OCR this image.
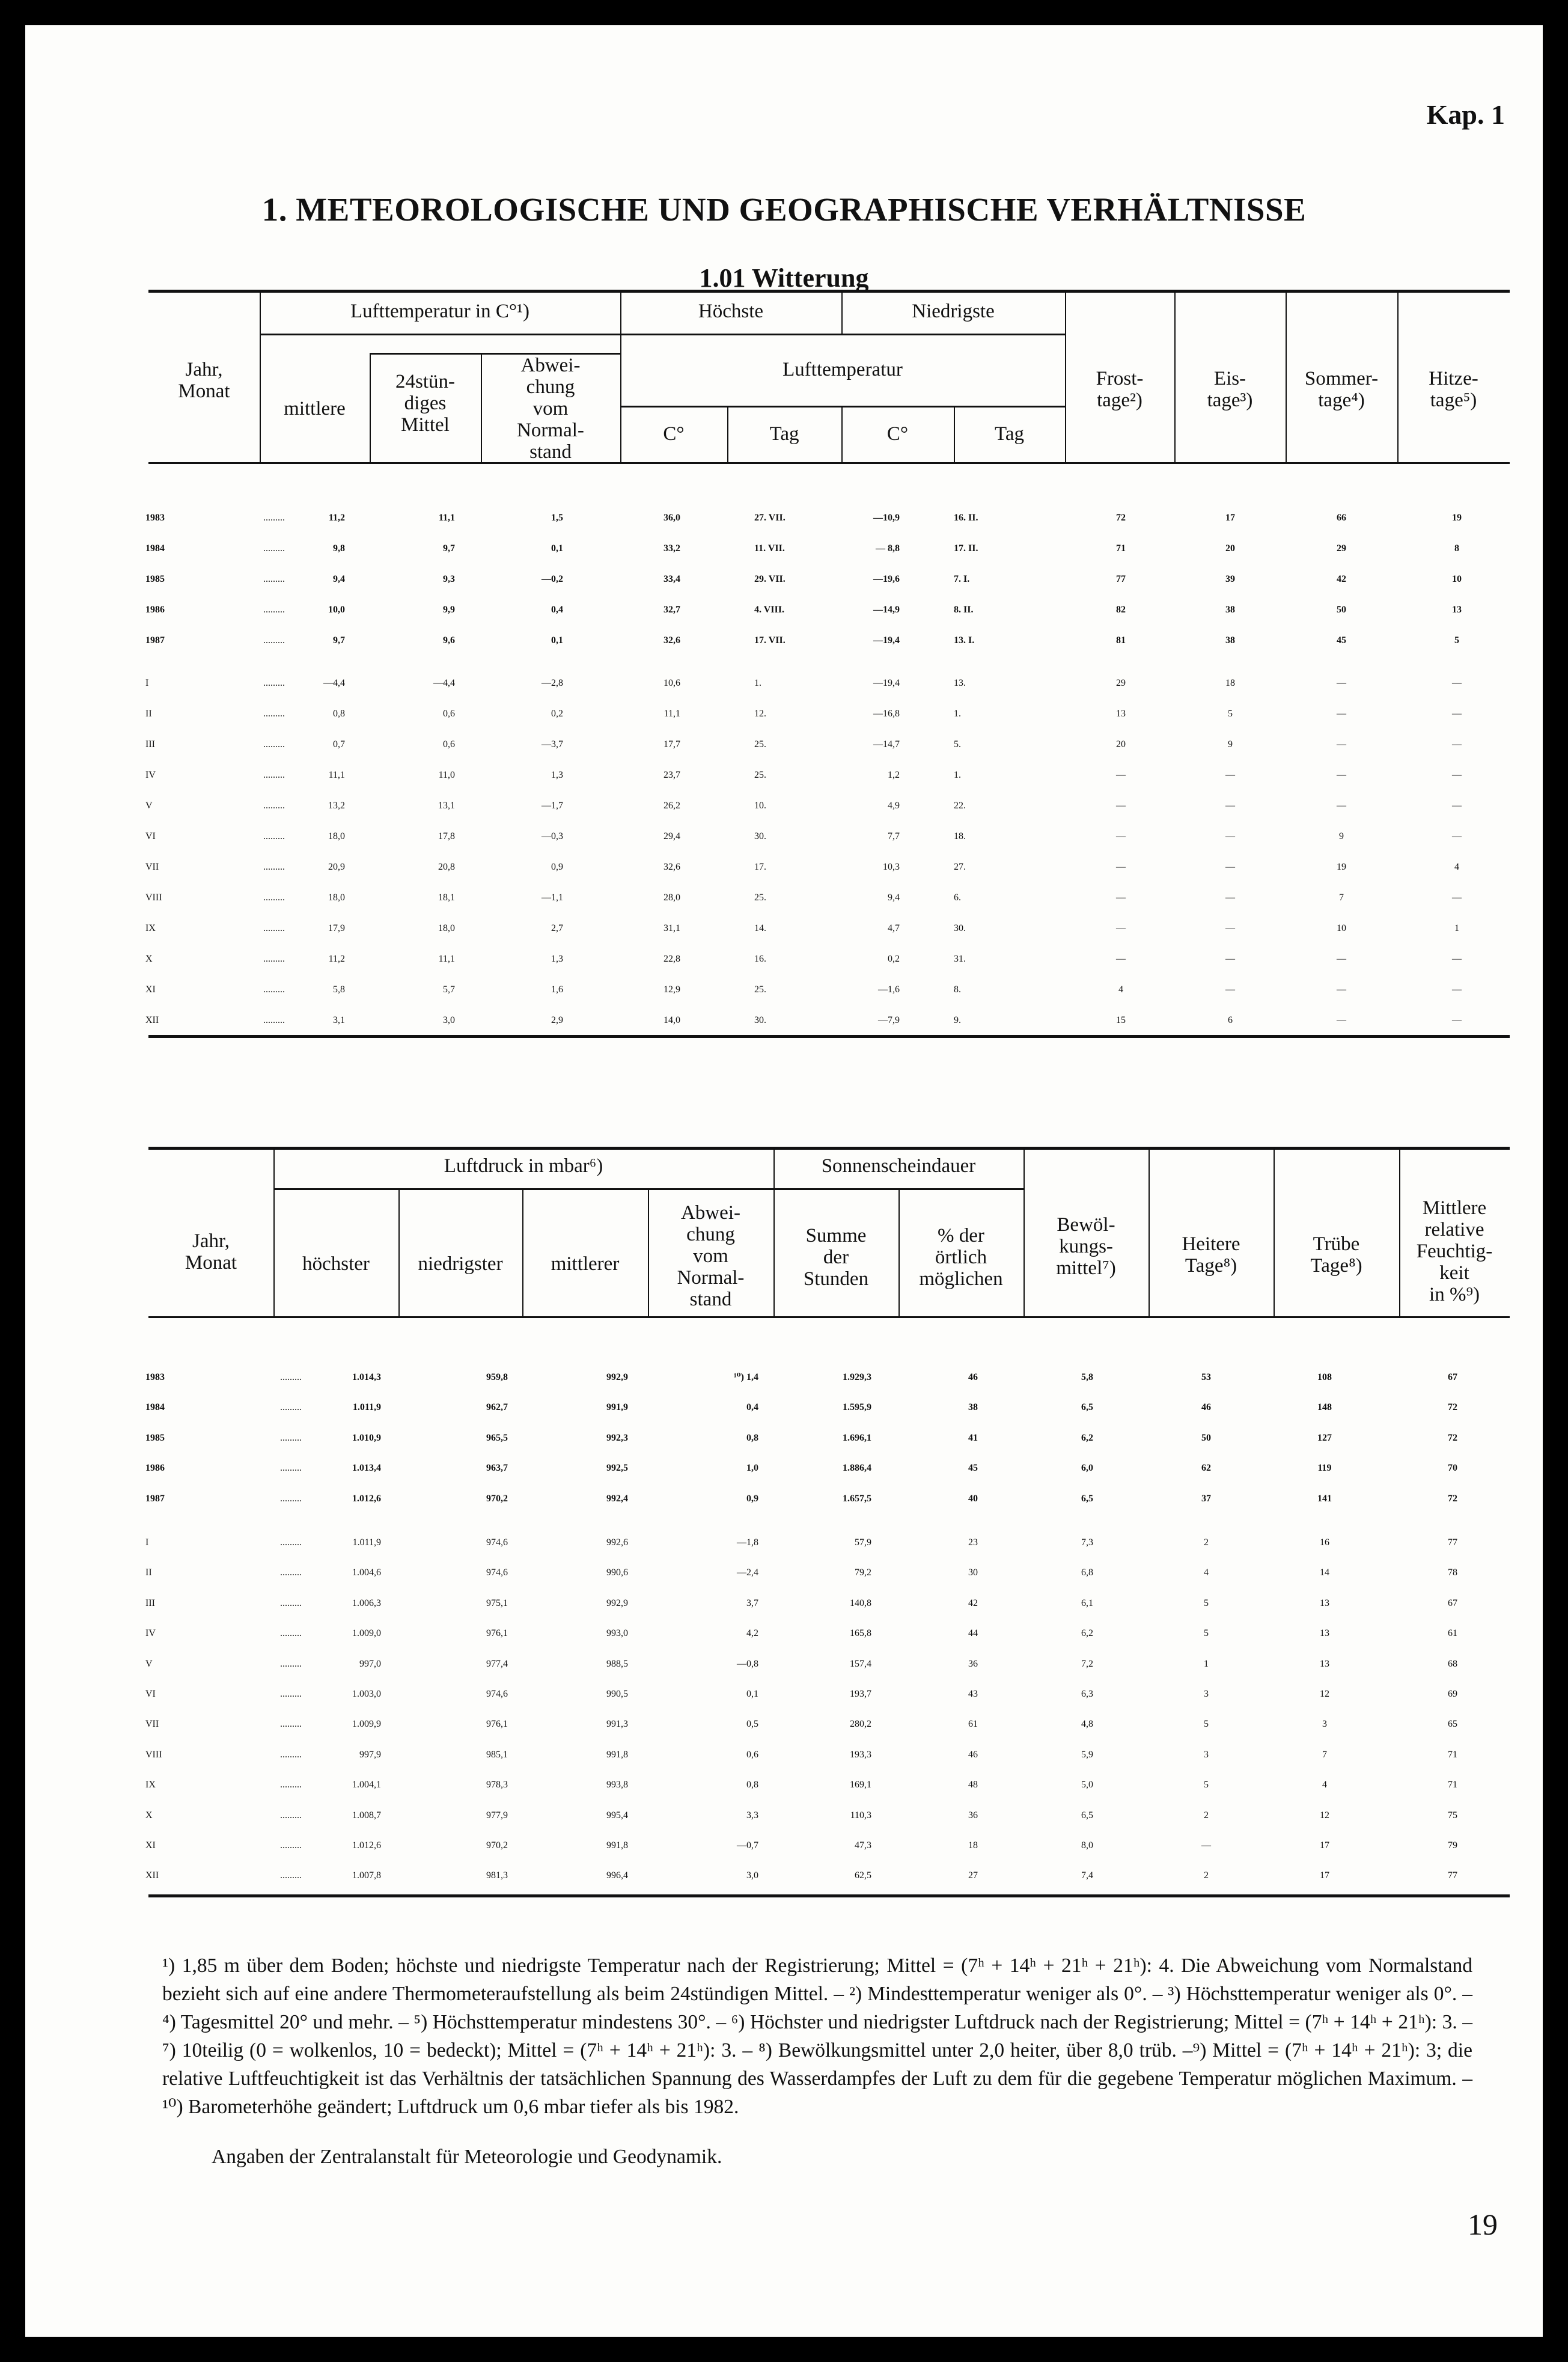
Kap. 1
1. METEOROLOGISCHE UND GEOGRAPHISCHE VERHÄLTNISSE
1.01 Witterung
Jahr,
Monat
Lufttemperatur in C°¹)	Höchste	Niedrigste
Lufttemperatur
mittlere
24stün-
diges
Mittel
Abwei-
chung
vom
Normal-
stand
C°	Tag	C°	Tag
Frost-
tage²)
Eis-
tage³)
Sommer-
tage⁴)
Hitze-
tage⁵)
1983	.........	11,2	11,1	1,5	36,0	27. VII.	—10,9	16. II.	72	17	66	19
1984	.........	9,8	9,7	0,1	33,2	11. VII.	— 8,8	17. II.	71	20	29	8
1985	.........	9,4	9,3	—0,2	33,4	29. VII.	—19,6	7. I.	77	39	42	10
1986	.........	10,0	9,9	0,4	32,7	4. VIII.	—14,9	8. II.	82	38	50	13
1987	.........	9,7	9,6	0,1	32,6	17. VII.	—19,4	13. I.	81	38	45	5
I	.........	—4,4	—4,4	—2,8	10,6	1.	—19,4	13.	29	18	—	—
II	.........	0,8	0,6	0,2	11,1	12.	—16,8	1.	13	5	—	—
III	.........	0,7	0,6	—3,7	17,7	25.	—14,7	5.	20	9	—	—
IV	.........	11,1	11,0	1,3	23,7	25.	1,2	1.	—	—	—	—
V	.........	13,2	13,1	—1,7	26,2	10.	4,9	22.	—	—	—	—
VI	.........	18,0	17,8	—0,3	29,4	30.	7,7	18.	—	—	9	—
VII	.........	20,9	20,8	0,9	32,6	17.	10,3	27.	—	—	19	4
VIII	.........	18,0	18,1	—1,1	28,0	25.	9,4	6.	—	—	7	—
IX	.........	17,9	18,0	2,7	31,1	14.	4,7	30.	—	—	10	1
X	.........	11,2	11,1	1,3	22,8	16.	0,2	31.	—	—	—	—
XI	.........	5,8	5,7	1,6	12,9	25.	—1,6	8.	4	—	—	—
XII	.........	3,1	3,0	2,9	14,0	30.	—7,9	9.	15	6	—	—
Jahr,
Monat
Luftdruck in mbar⁶)	Sonnenscheindauer
höchster	niedrigster	mittlerer
Abwei-
chung
vom
Normal-
stand
Summe
der
Stunden
% der
örtlich
möglichen
Bewöl-
kungs-
mittel⁷)
Heitere
Tage⁸)
Trübe
Tage⁸)
Mittlere
relative
Feuchtig-
keit
in %⁹)
1983	.........	1.014,3	959,8	992,9	¹⁰) 1,4	1.929,3	46	5,8	53	108	67
1984	.........	1.011,9	962,7	991,9	0,4	1.595,9	38	6,5	46	148	72
1985	.........	1.010,9	965,5	992,3	0,8	1.696,1	41	6,2	50	127	72
1986	.........	1.013,4	963,7	992,5	1,0	1.886,4	45	6,0	62	119	70
1987	.........	1.012,6	970,2	992,4	0,9	1.657,5	40	6,5	37	141	72
I	.........	1.011,9	974,6	992,6	—1,8	57,9	23	7,3	2	16	77
II	.........	1.004,6	974,6	990,6	—2,4	79,2	30	6,8	4	14	78
III	.........	1.006,3	975,1	992,9	3,7	140,8	42	6,1	5	13	67
IV	.........	1.009,0	976,1	993,0	4,2	165,8	44	6,2	5	13	61
V	.........	997,0	977,4	988,5	—0,8	157,4	36	7,2	1	13	68
VI	.........	1.003,0	974,6	990,5	0,1	193,7	43	6,3	3	12	69
VII	.........	1.009,9	976,1	991,3	0,5	280,2	61	4,8	5	3	65
VIII	.........	997,9	985,1	991,8	0,6	193,3	46	5,9	3	7	71
IX	.........	1.004,1	978,3	993,8	0,8	169,1	48	5,0	5	4	71
X	.........	1.008,7	977,9	995,4	3,3	110,3	36	6,5	2	12	75
XI	.........	1.012,6	970,2	991,8	—0,7	47,3	18	8,0	—	17	79
XII	.........	1.007,8	981,3	996,4	3,0	62,5	27	7,4	2	17	77
¹) 1,85 m über dem Boden; höchste und niedrigste Temperatur nach der Registrierung; Mittel = (7ʰ + 14ʰ + 21ʰ + 21ʰ): 4. Die Abweichung vom Normalstand bezieht sich auf eine andere Thermometeraufstellung als beim 24stündigen Mittel. – ²) Mindesttemperatur weniger als 0°. – ³) Höchsttemperatur weniger als 0°. – ⁴) Tagesmittel 20° und mehr. – ⁵) Höchsttemperatur mindestens 30°. – ⁶) Höchster und niedrigster Luftdruck nach der Registrierung; Mittel = (7ʰ + 14ʰ + 21ʰ): 3. – ⁷) 10teilig (0 = wolkenlos, 10 = bedeckt); Mittel = (7ʰ + 14ʰ + 21ʰ): 3. – ⁸) Bewölkungsmittel unter 2,0 heiter, über 8,0 trüb. –⁹) Mittel = (7ʰ + 14ʰ + 21ʰ): 3; die relative Luftfeuchtigkeit ist das Verhältnis der tatsächlichen Spannung des Wasserdampfes der Luft zu dem für die gegebene Temperatur möglichen Maximum. –¹⁰) Barometerhöhe geändert; Luftdruck um 0,6 mbar tiefer als bis 1982.
Angaben der Zentralanstalt für Meteorologie und Geodynamik.
19
